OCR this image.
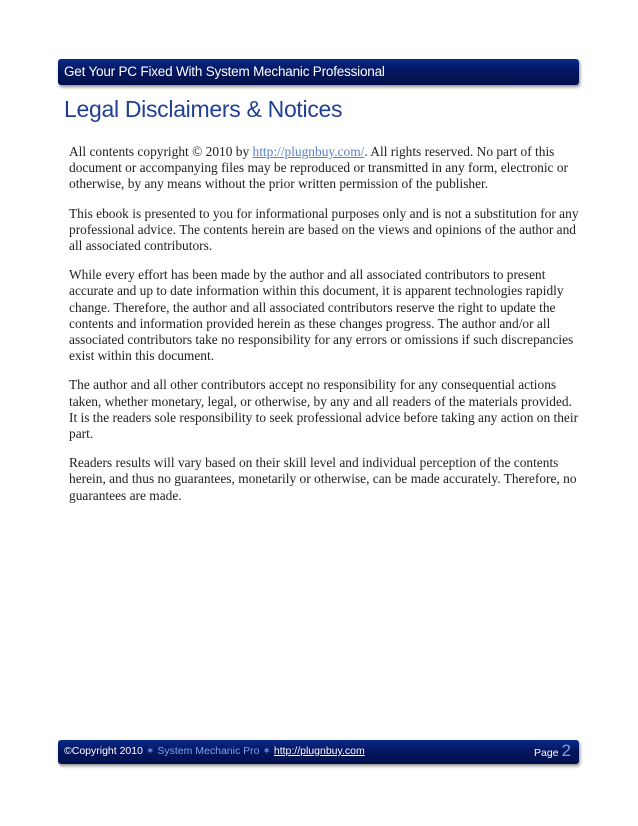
Get Your PC Fixed With System Mechanic Professional
Legal Disclaimers & Notices

All contents copyright © 2010 by http://plugnbuy.com/. All rights reserved. No part of this document or accompanying files may be reproduced or transmitted in any form, electronic or otherwise, by any means without the prior written permission of the publisher.

This ebook is presented to you for informational purposes only and is not a substitution for any professional advice. The contents herein are based on the views and opinions of the author and all associated contributors.

While every effort has been made by the author and all associated contributors to present accurate and up to date information within this document, it is apparent technologies rapidly change. Therefore, the author and all associated contributors reserve the right to update the contents and information provided herein as these changes progress. The author and/or all associated contributors take no responsibility for any errors or omissions if such discrepancies exist within this document.

The author and all other contributors accept no responsibility for any consequential actions taken, whether monetary, legal, or otherwise, by any and all readers of the materials provided. It is the readers sole responsibility to seek professional advice before taking any action on their part.

Readers results will vary based on their skill level and individual perception of the contents herein, and thus no guarantees, monetarily or otherwise, can be made accurately. Therefore, no guarantees are made.

©Copyright 2010 ✶ System Mechanic Pro ✶ http://plugnbuy.com	Page 2
